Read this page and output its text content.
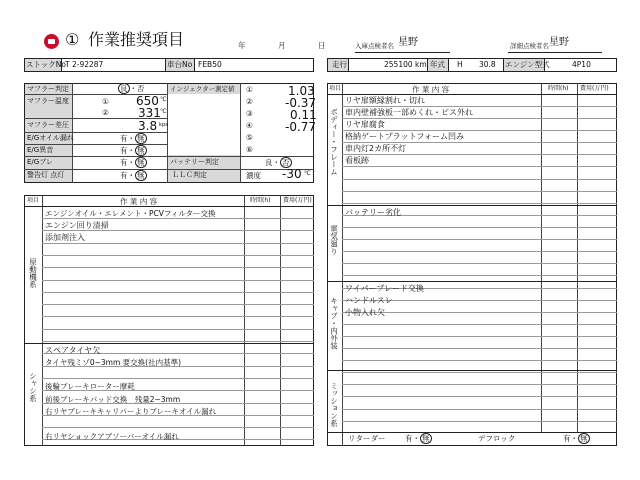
① 作業推奨項目	年	月	日	入庫点検者名 星野	詳細点検者名 星野
ストックNo T 2-92287	車台No FEB50	走行	255100 km 年式 H 30.8 エンジン型式	4P10
マフラー判定	良 ・否
マフラー温度	① 650 ℃
② 331 ℃
マフラー差圧	3.8 kpa
E/Gオイル漏れ	有・ 無
E/G異音	有・ 無
E/Gブレ	有・ 無
警告灯 点灯	有・ 無
インジェクター測定値 ①	1.03
②	-0.37
③	0.11
④	-0.77
⑤
⑥
バッテリー判定	良・ 否
ＬＬＣ判定	濃度 -30 ℃
項目	作 業 内 容	時間(h) 費用(万円)
ボディー・フレーム
リヤ扉額縁割れ・切れ
車内壁補強板一部めくれ・ビス外れ
リヤ扉腐食
格納ゲートプラットフォーム凹み
車内灯2カ所不灯
看板跡
電気廻り
バッテリー劣化
キャブ・内外装
ワイパーブレード交換
ハンドルスレ
小物入れ欠
ミッション系
リターダー	有・ 無	デフロック	有・ 無
項目	作 業 内 容	時間(h) 費用(万円)
原動機系
エンジンオイル・エレメント・PCVフィルター交換
エンジン回り清掃
添加剤注入
シャシ系
スペアタイヤ欠
タイヤ残ミゾ0~3mm 要交換(社内基準)
後輪ブレーキローター摩耗
前後ブレーキパッド交換　残量2~3mm
右リヤブレーキキャリパーよりブレーキオイル漏れ
右リヤショックアブソーバーオイル漏れ
